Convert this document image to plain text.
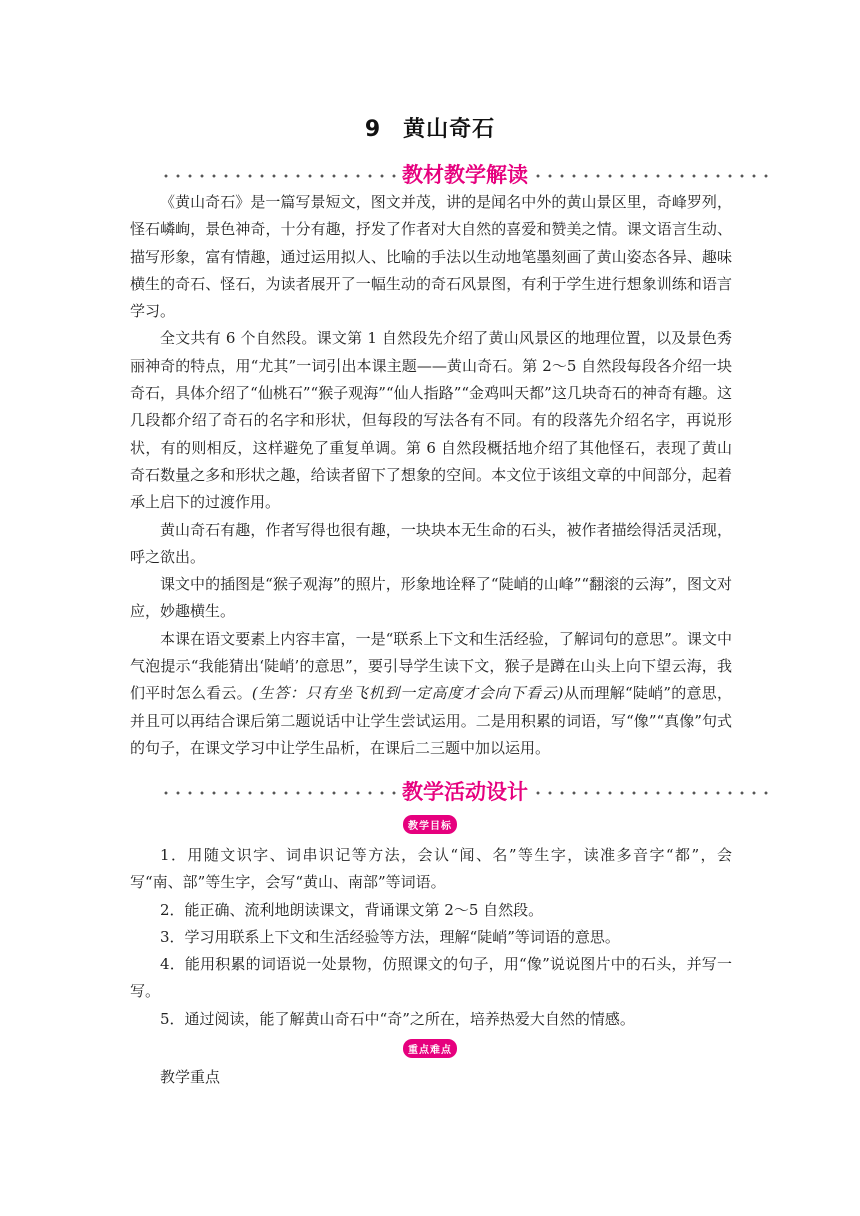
9 黄山奇石
教材教学解读

《黄山奇石》是一篇写景短文，图文并茂，讲的是闻名中外的黄山景区里，奇峰罗列，怪石嶙峋，景色神奇，十分有趣，抒发了作者对大自然的喜爱和赞美之情。课文语言生动、描写形象，富有情趣，通过运用拟人、比喻的手法以生动地笔墨刻画了黄山姿态各异、趣味横生的奇石、怪石，为读者展开了一幅生动的奇石风景图，有利于学生进行想象训练和语言学习。

全文共有 6 个自然段。课文第 1 自然段先介绍了黄山风景区的地理位置，以及景色秀丽神奇的特点，用“尤其”一词引出本课主题——黄山奇石。第 2～5 自然段每段各介绍一块奇石，具体介绍了“仙桃石”“猴子观海”“仙人指路”“金鸡叫天都”这几块奇石的神奇有趣。这几段都介绍了奇石的名字和形状，但每段的写法各有不同。有的段落先介绍名字，再说形状，有的则相反，这样避免了重复单调。第 6 自然段概括地介绍了其他怪石，表现了黄山奇石数量之多和形状之趣，给读者留下了想象的空间。本文位于该组文章的中间部分，起着承上启下的过渡作用。

黄山奇石有趣，作者写得也很有趣，一块块本无生命的石头，被作者描绘得活灵活现，呼之欲出。

课文中的插图是“猴子观海”的照片，形象地诠释了“陡峭的山峰”“翻滚的云海”，图文对应，妙趣横生。

本课在语文要素上内容丰富，一是“联系上下文和生活经验，了解词句的意思”。课文中气泡提示“我能猜出‘陡峭’的意思”，要引导学生读下文，猴子是蹲在山头上向下望云海，我们平时怎么看云。(生答：只有坐飞机到一定高度才会向下看云)从而理解“陡峭”的意思，并且可以再结合课后第二题说话中让学生尝试运用。二是用积累的词语，写“像”“真像”句式的句子，在课文学习中让学生品析，在课后二三题中加以运用。

教学活动设计
教学目标

1．用随文识字、词串识记等方法，会认“闻、名”等生字，读准多音字“都”，会写“南、部”等生字，会写“黄山、南部”等词语。

2．能正确、流利地朗读课文，背诵课文第 2～5 自然段。

3．学习用联系上下文和生活经验等方法，理解“陡峭”等词语的意思。

4．能用积累的词语说一处景物，仿照课文的句子，用“像”说说图片中的石头，并写一写。

5．通过阅读，能了解黄山奇石中“奇”之所在，培养热爱大自然的情感。

重点难点
教学重点
